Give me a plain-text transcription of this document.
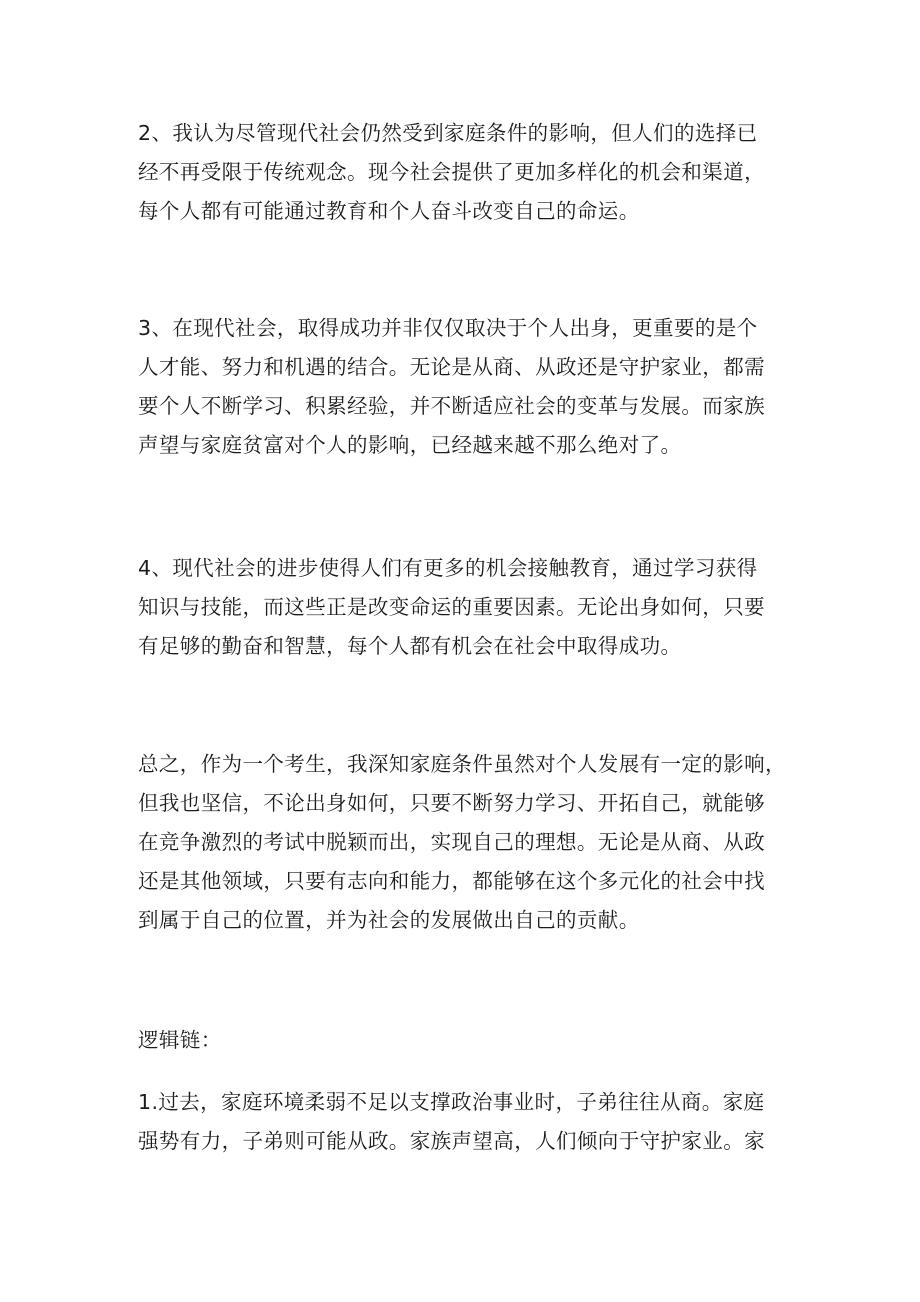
2、我认为尽管现代社会仍然受到家庭条件的影响，但人们的选择已
经不再受限于传统观念。现今社会提供了更加多样化的机会和渠道，
每个人都有可能通过教育和个人奋斗改变自己的命运。

3、在现代社会，取得成功并非仅仅取决于个人出身，更重要的是个
人才能、努力和机遇的结合。无论是从商、从政还是守护家业，都需
要个人不断学习、积累经验，并不断适应社会的变革与发展。而家族
声望与家庭贫富对个人的影响，已经越来越不那么绝对了。

4、现代社会的进步使得人们有更多的机会接触教育，通过学习获得
知识与技能，而这些正是改变命运的重要因素。无论出身如何，只要
有足够的勤奋和智慧，每个人都有机会在社会中取得成功。

总之，作为一个考生，我深知家庭条件虽然对个人发展有一定的影响，
但我也坚信，不论出身如何，只要不断努力学习、开拓自己，就能够
在竞争激烈的考试中脱颖而出，实现自己的理想。无论是从商、从政
还是其他领域，只要有志向和能力，都能够在这个多元化的社会中找
到属于自己的位置，并为社会的发展做出自己的贡献。

逻辑链：

1.过去，家庭环境柔弱不足以支撑政治事业时，子弟往往从商。家庭
强势有力，子弟则可能从政。家族声望高，人们倾向于守护家业。家
